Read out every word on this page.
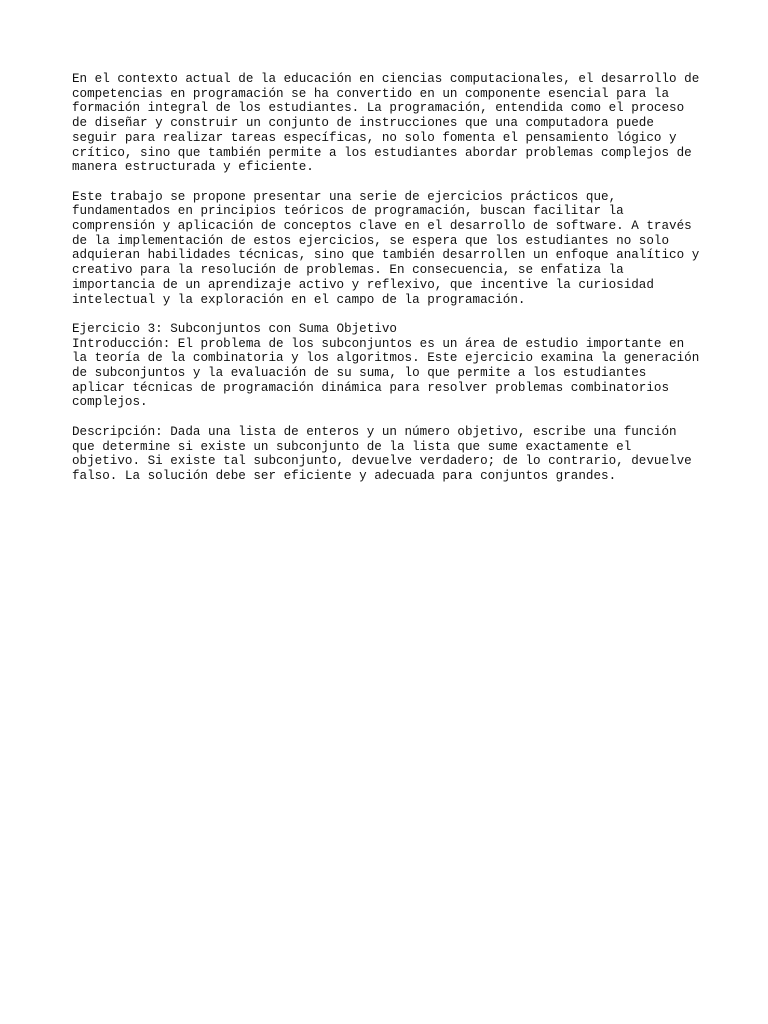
En el contexto actual de la educación en ciencias computacionales, el desarrollo de
competencias en programación se ha convertido en un componente esencial para la
formación integral de los estudiantes. La programación, entendida como el proceso
de diseñar y construir un conjunto de instrucciones que una computadora puede
seguir para realizar tareas específicas, no solo fomenta el pensamiento lógico y
crítico, sino que también permite a los estudiantes abordar problemas complejos de
manera estructurada y eficiente.

Este trabajo se propone presentar una serie de ejercicios prácticos que,
fundamentados en principios teóricos de programación, buscan facilitar la
comprensión y aplicación de conceptos clave en el desarrollo de software. A través
de la implementación de estos ejercicios, se espera que los estudiantes no solo
adquieran habilidades técnicas, sino que también desarrollen un enfoque analítico y
creativo para la resolución de problemas. En consecuencia, se enfatiza la
importancia de un aprendizaje activo y reflexivo, que incentive la curiosidad
intelectual y la exploración en el campo de la programación.

Ejercicio 3: Subconjuntos con Suma Objetivo

Introducción: El problema de los subconjuntos es un área de estudio importante en
la teoría de la combinatoria y los algoritmos. Este ejercicio examina la generación
de subconjuntos y la evaluación de su suma, lo que permite a los estudiantes
aplicar técnicas de programación dinámica para resolver problemas combinatorios
complejos.

Descripción: Dada una lista de enteros y un número objetivo, escribe una función
que determine si existe un subconjunto de la lista que sume exactamente el
objetivo. Si existe tal subconjunto, devuelve verdadero; de lo contrario, devuelve
falso. La solución debe ser eficiente y adecuada para conjuntos grandes.
